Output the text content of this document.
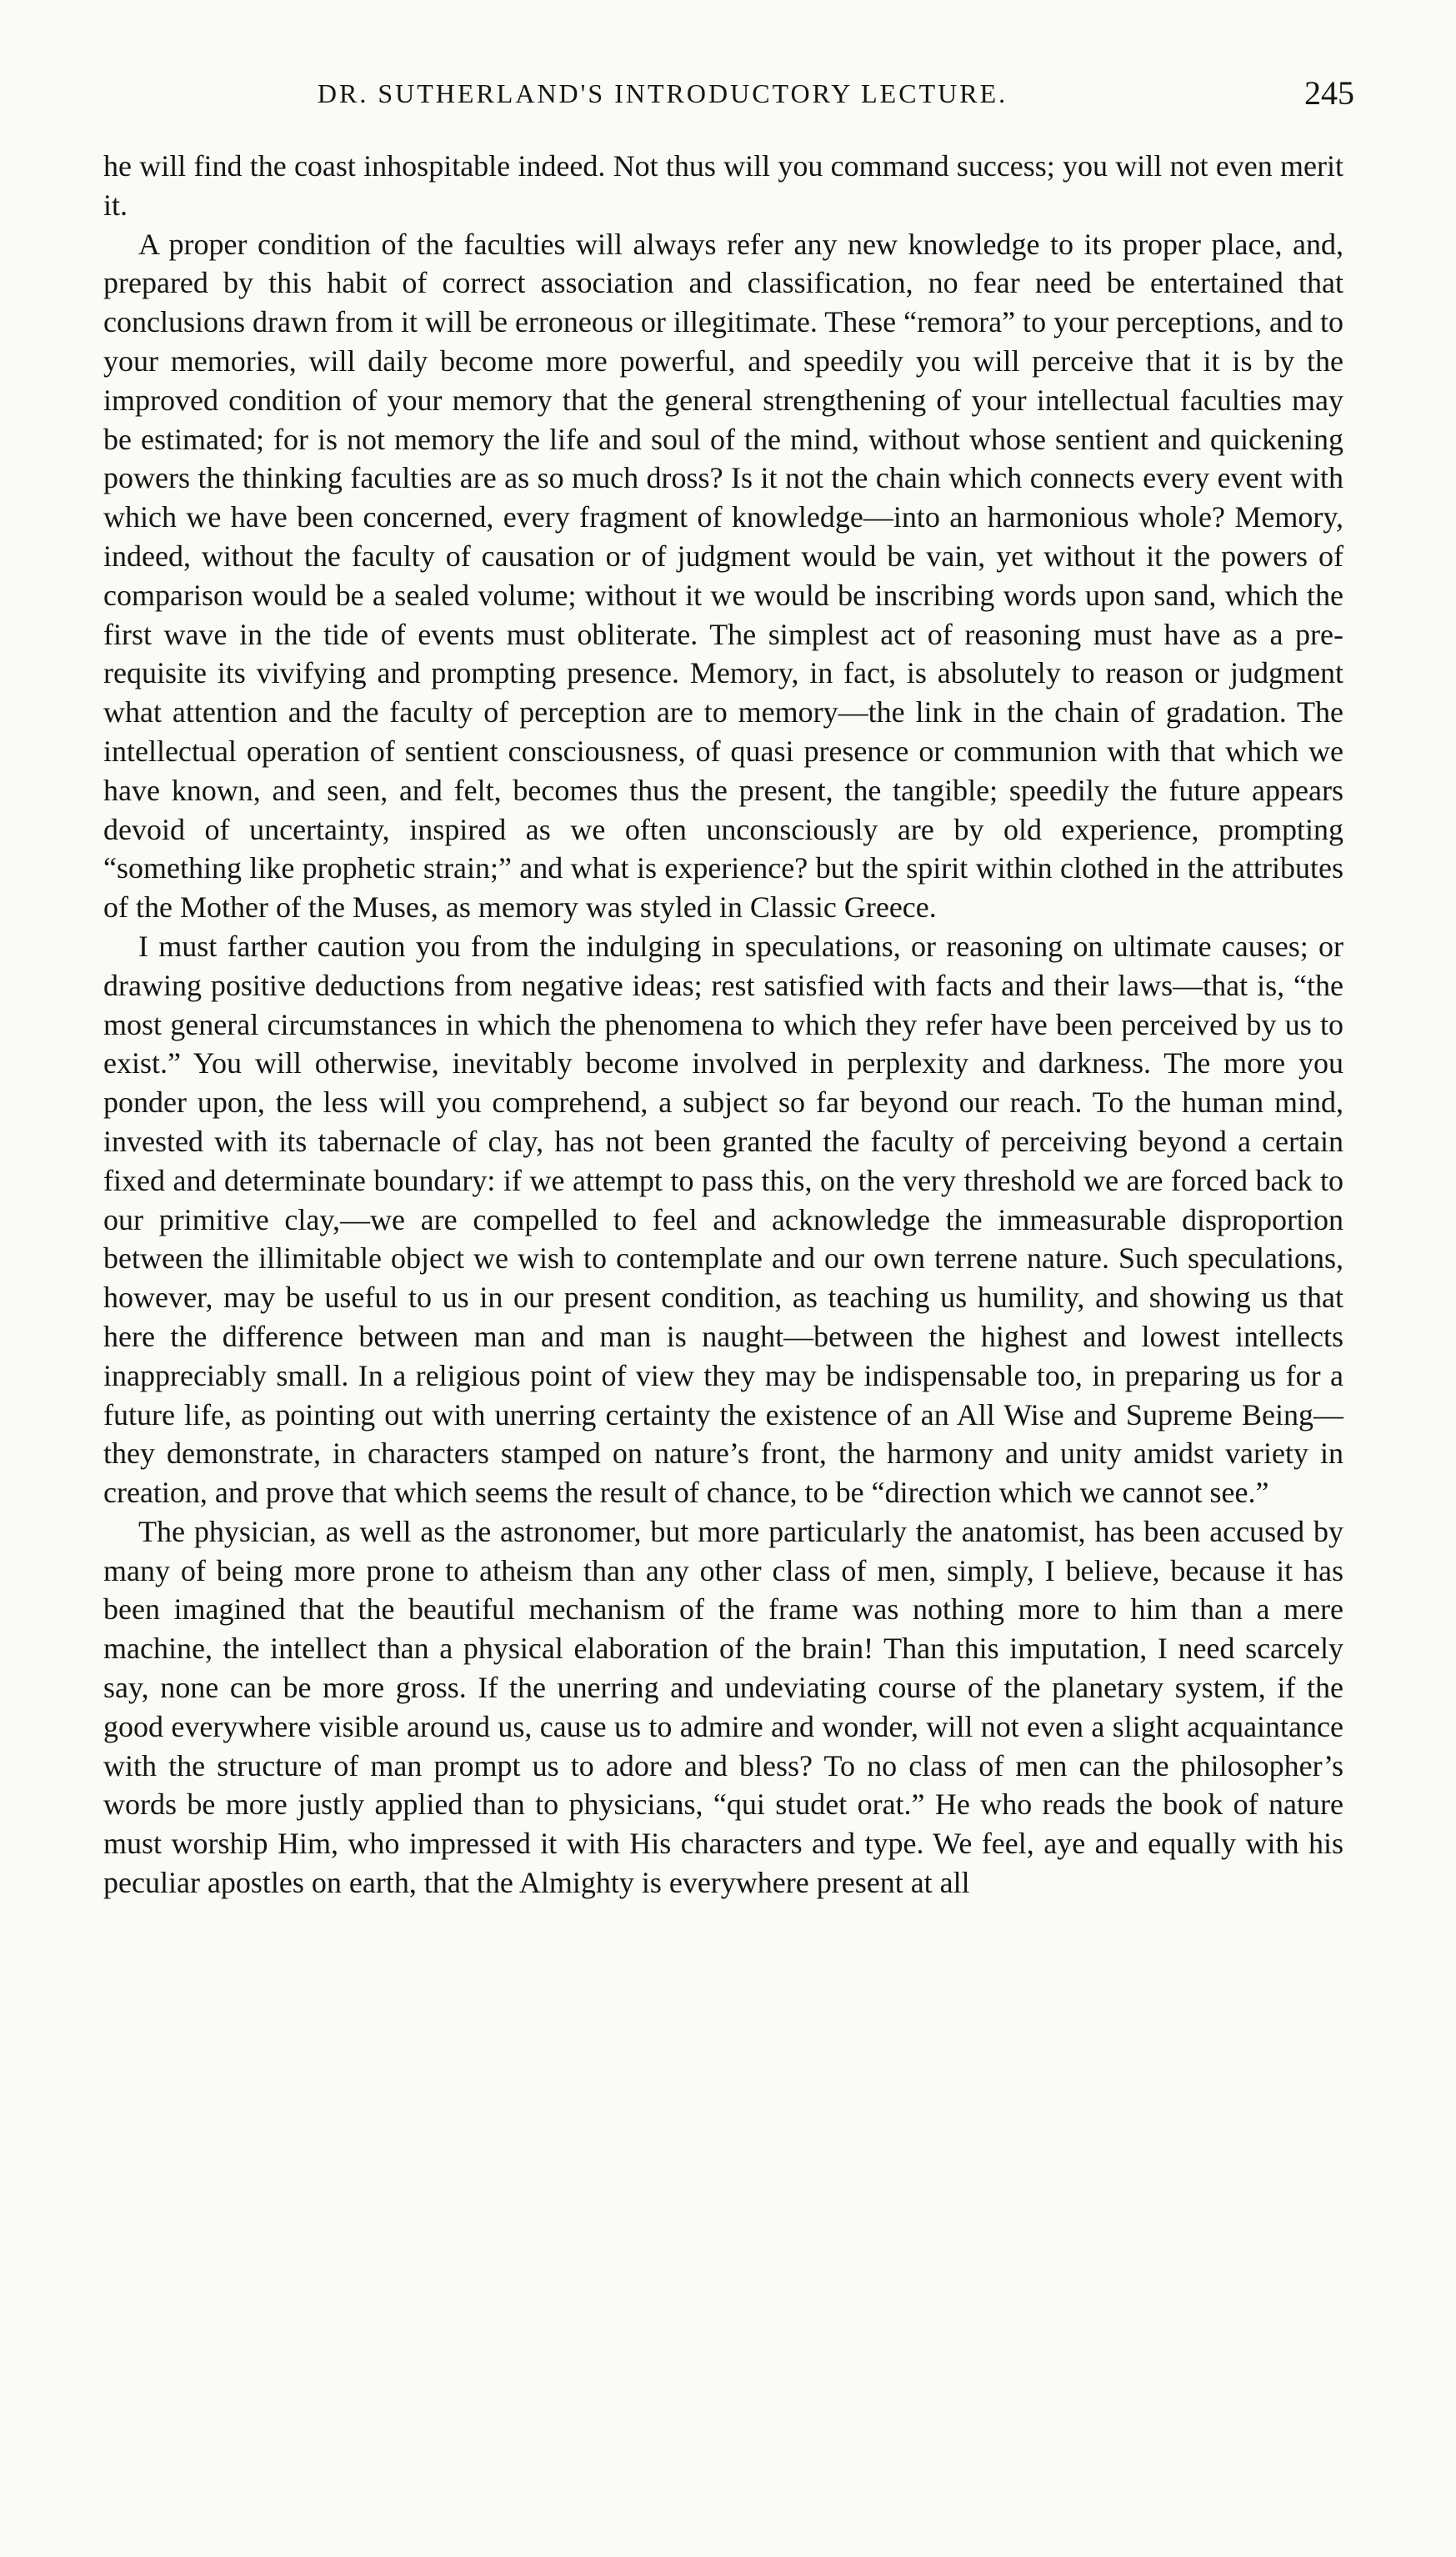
DR. SUTHERLAND'S INTRODUCTORY LECTURE.	245

he will find the coast inhospitable indeed. Not thus will you command success; you will not even merit it.

A proper condition of the faculties will always refer any new knowledge to its proper place, and, prepared by this habit of correct association and classification, no fear need be entertained that conclusions drawn from it will be erroneous or illegitimate. These “remora” to your perceptions, and to your memories, will daily become more powerful, and speedily you will perceive that it is by the improved condition of your memory that the general strengthening of your intellectual faculties may be estimated; for is not memory the life and soul of the mind, without whose sentient and quickening powers the thinking faculties are as so much dross? Is it not the chain which connects every event with which we have been concerned, every fragment of knowledge—into an harmonious whole? Memory, indeed, without the faculty of causation or of judgment would be vain, yet without it the powers of comparison would be a sealed volume; without it we would be inscribing words upon sand, which the first wave in the tide of events must obliterate. The simplest act of reasoning must have as a pre-requisite its vivifying and prompting presence. Memory, in fact, is absolutely to reason or judgment what attention and the faculty of perception are to memory—the link in the chain of gradation. The intellectual operation of sentient consciousness, of quasi presence or communion with that which we have known, and seen, and felt, becomes thus the present, the tangible; speedily the future appears devoid of uncertainty, inspired as we often unconsciously are by old experience, prompting “something like prophetic strain;” and what is experience? but the spirit within clothed in the attributes of the Mother of the Muses, as memory was styled in Classic Greece.

I must farther caution you from the indulging in speculations, or reasoning on ultimate causes; or drawing positive deductions from negative ideas; rest satisfied with facts and their laws—that is, “the most general circumstances in which the phenomena to which they refer have been perceived by us to exist.” You will otherwise, inevitably become involved in perplexity and darkness. The more you ponder upon, the less will you comprehend, a subject so far beyond our reach. To the human mind, invested with its tabernacle of clay, has not been granted the faculty of perceiving beyond a certain fixed and determinate boundary: if we attempt to pass this, on the very threshold we are forced back to our primitive clay,—we are compelled to feel and acknowledge the immeasurable disproportion between the illimitable object we wish to contemplate and our own terrene nature. Such speculations, however, may be useful to us in our present condition, as teaching us humility, and showing us that here the difference between man and man is naught—between the highest and lowest intellects inappreciably small. In a religious point of view they may be indispensable too, in preparing us for a future life, as pointing out with unerring certainty the existence of an All Wise and Supreme Being—they demonstrate, in characters stamped on nature’s front, the harmony and unity amidst variety in creation, and prove that which seems the result of chance, to be “direction which we cannot see.”

The physician, as well as the astronomer, but more particularly the anatomist, has been accused by many of being more prone to atheism than any other class of men, simply, I believe, because it has been imagined that the beautiful mechanism of the frame was nothing more to him than a mere machine, the intellect than a physical elaboration of the brain! Than this imputation, I need scarcely say, none can be more gross. If the unerring and undeviating course of the planetary system, if the good everywhere visible around us, cause us to admire and wonder, will not even a slight acquaintance with the structure of man prompt us to adore and bless? To no class of men can the philosopher’s words be more justly applied than to physicians, “qui studet orat.” He who reads the book of nature must worship Him, who impressed it with His characters and type. We feel, aye and equally with his peculiar apostles on earth, that the Almighty is everywhere present at all
